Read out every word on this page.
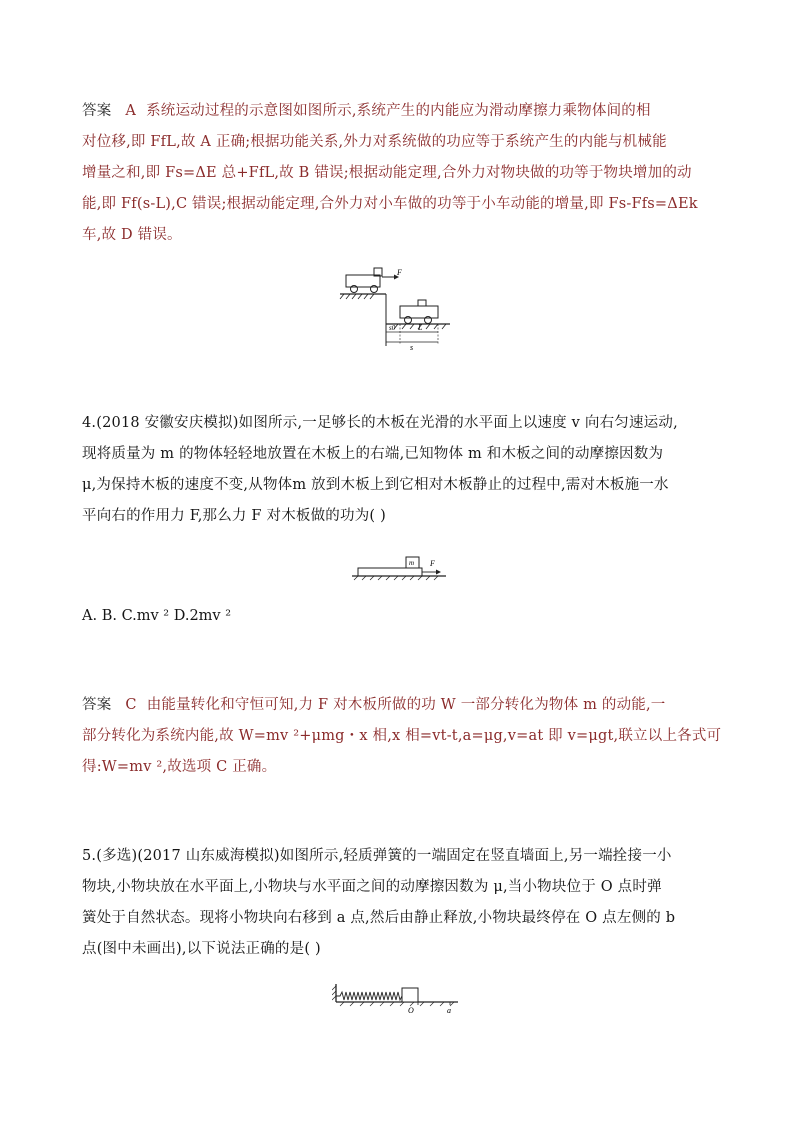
答案 A 系统运动过程的示意图如图所示,系统产生的内能应为滑动摩擦力乘物体间的相
对位移,即 FfL,故 A 正确;根据功能关系,外力对系统做的功应等于系统产生的内能与机械能
增量之和,即 Fs=ΔE 总+FfL,故 B 错误;根据动能定理,合外力对物块做的功等于物块增加的动
能,即 Ff(s-L),C 错误;根据动能定理,合外力对小车做的功等于小车动能的增量,即 Fs-Ffs=ΔEk
车,故 D 错误。
F
s0	L
s
4.(2018 安徽安庆模拟)如图所示,一足够长的木板在光滑的水平面上以速度 v 向右匀速运动,
现将质量为 m 的物体轻轻地放置在木板上的右端,已知物体 m 和木板之间的动摩擦因数为
μ,为保持木板的速度不变,从物体m 放到木板上到它相对木板静止的过程中,需对木板施一水
平向右的作用力 F,那么力 F 对木板做的功为( )
m F
A. B. C.mv ² D.2mv ²
答案 C 由能量转化和守恒可知,力 F 对木板所做的功 W 一部分转化为物体 m 的动能,一
部分转化为系统内能,故 W=mv ²+μmg・x 相,x 相=vt-t,a=μg,v=at 即 v=μgt,联立以上各式可
得:W=mv ²,故选项 C 正确。
5.(多选)(2017 山东威海模拟)如图所示,轻质弹簧的一端固定在竖直墙面上,另一端拴接一小
物块,小物块放在水平面上,小物块与水平面之间的动摩擦因数为 μ,当小物块位于 O 点时弹
簧处于自然状态。现将小物块向右移到 a 点,然后由静止释放,小物块最终停在 O 点左侧的 b
点(图中未画出),以下说法正确的是( )
O	a
